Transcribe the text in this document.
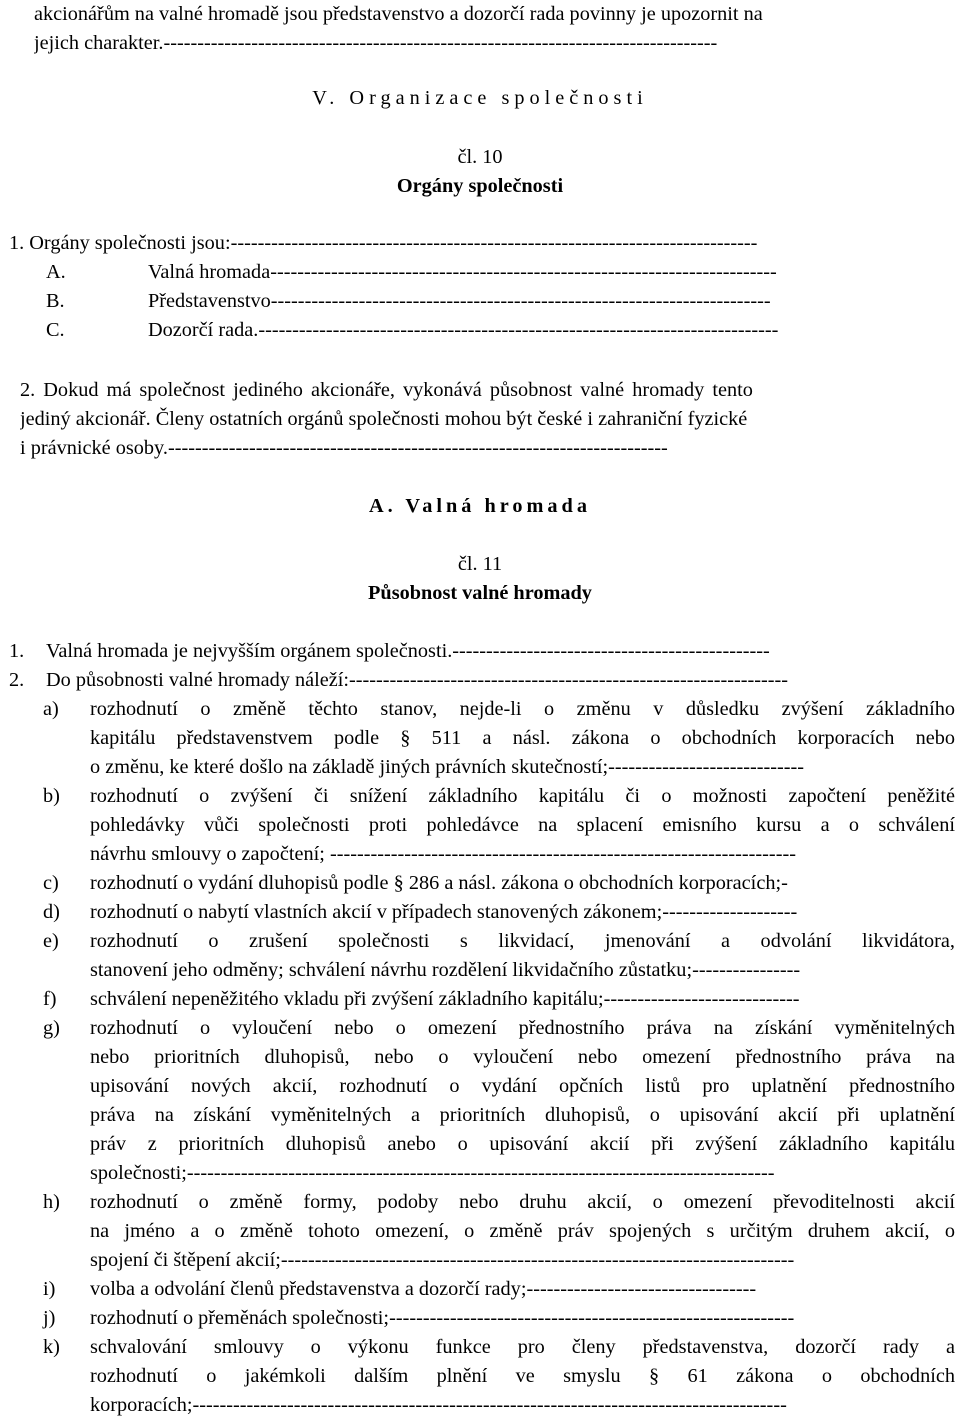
akcionářům na valné hromadě jsou představenstvo a dozorčí rada povinny je upozornit na
jejich charakter.----------------------------------------------------------------------------------
V. Organizace společnosti
čl. 10
Orgány společnosti
1. Orgány společnosti jsou:------------------------------------------------------------------------------
A.	Valná hromada---------------------------------------------------------------------------
B.	Představenstvo--------------------------------------------------------------------------
C.	Dozorčí rada.-----------------------------------------------------------------------------
2. Dokud má společnost jediného akcionáře, vykonává působnost valné hromady tento
jediný akcionář. Členy ostatních orgánů společnosti mohou být české i zahraniční fyzické
i právnické osoby.--------------------------------------------------------------------------
A. Valná hromada
čl. 11
Působnost valné hromady
1. Valná hromada je nejvyšším orgánem společnosti.-----------------------------------------------
2. Do působnosti valné hromady náleží:-----------------------------------------------------------------
a) rozhodnutí o změně těchto stanov, nejde-li o změnu v důsledku zvýšení základního
kapitálu představenstvem podle § 511 a násl. zákona o obchodních korporacích nebo
o změnu, ke které došlo na základě jiných právních skutečností;-----------------------------
b) rozhodnutí o zvýšení či snížení základního kapitálu či o možnosti započtení peněžité
pohledávky vůči společnosti proti pohledávce na splacení emisního kursu a o schválení
návrhu smlouvy o započtení; ---------------------------------------------------------------------
c) rozhodnutí o vydání dluhopisů podle § 286 a násl. zákona o obchodních korporacích;-
d) rozhodnutí o nabytí vlastních akcií v případech stanovených zákonem;--------------------
e) rozhodnutí o zrušení společnosti s likvidací, jmenování a odvolání likvidátora,
stanovení jeho odměny; schválení návrhu rozdělení likvidačního zůstatku;----------------
f) schválení nepeněžitého vkladu při zvýšení základního kapitálu;-----------------------------
g) rozhodnutí o vyloučení nebo o omezení přednostního práva na získání vyměnitelných
nebo prioritních dluhopisů, nebo o vyloučení nebo omezení přednostního práva na
upisování nových akcií, rozhodnutí o vydání opčních listů pro uplatnění přednostního
práva na získání vyměnitelných a prioritních dluhopisů, o upisování akcií při uplatnění
práv z prioritních dluhopisů anebo o upisování akcií při zvýšení základního kapitálu
společnosti;---------------------------------------------------------------------------------------
h) rozhodnutí o změně formy, podoby nebo druhu akcií, o omezení převoditelnosti akcií
na jméno a o změně tohoto omezení, o změně práv spojených s určitým druhem akcií, o
spojení či štěpení akcií;----------------------------------------------------------------------------
i) volba a odvolání členů představenstva a dozorčí rady;----------------------------------
j) rozhodnutí o přeměnách společnosti;------------------------------------------------------------
k) schvalování smlouvy o výkonu funkce pro členy představenstva, dozorčí rady a
rozhodnutí o jakémkoli dalším plnění ve smyslu § 61 zákona o obchodních
korporacích;----------------------------------------------------------------------------------------
